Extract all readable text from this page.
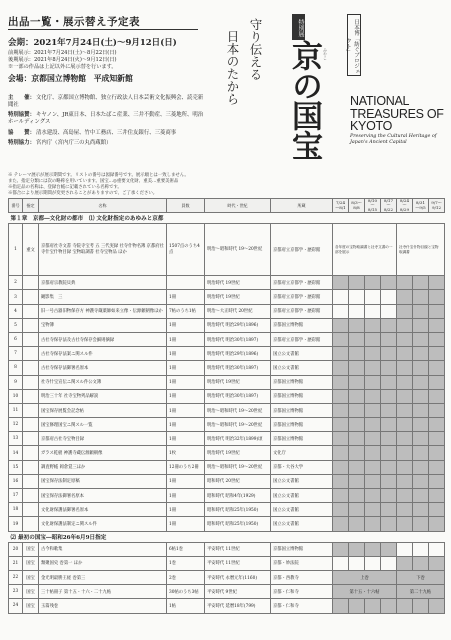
出品一覧・展示替え予定表
会期：2021年7月24日(土)～9月12日(日)
前期展示：2021年7月24日(土)～8月22日(日)
後期展示：2021年8月24日(火)～9月12日(日)
※一部の作品は上記以外に展示替を行います。
会場：京都国立博物館　平成知新館
主　　催：文化庁、京都国立博物館、独立行政法人日本芸術文化振興会、読売新聞社
特別協賛：キヤノン、JR東日本、日本たばこ産業、三井不動産、三菱地所、明治ホールディングス
協　　賛：清水建設、高島屋、竹中工務店、三井住友銀行、三菱商事
特別協力：宮内庁（宮内庁三の丸尚蔵館）
※ テレーマ展示が展示期間です。リストの番号は図録番号です。展示順とは一致しません。
また、指定分類には次の略称を用いています。国宝…◎重要文化財、重美…重要美術品
※指定品の名称は、登録台帳に記載されている名称です。
※都合により展示期間が変更されることがありますので、ご了承ください。
特別展
京の国宝 みやこ
守り伝える
日本のたから	日本博「紡ぐプロジェクト」
NATIONAL TREASURES OF KYOTO
Preserving the Cultural Heritage of Japan's Ancient Capital
番号	指定	名称	員数	時代・世紀	所蔵	7/24～8/1	8/3～8/8	8/10～8/15	8/17～8/22	8/24～8/29	8/31～9/5	9/7～9/12
第１章　京都―文化財の都市　⑴ 文化財指定のあゆみと京都												
1	重文	京都府社寺文書 寺院寺宝考 五 三代実録 社寺什物名簿 京都府社寺什宝什物目録 宝物取調書 社寺宝物品 ほか	1507点のうち4点	明治～昭和時代 19～20世紀	京都府立京都学・歴彩館	各年度の宝物取調書と社寺文書の一部を展示				社寺什宝什物目録と宝物取調書		
2		京都府宗教院貝典		明治時代 19世紀	京都府立京都学・歴彩館							
3		観影集　三	1冊	明治時代 19世紀	京都府立京都学・歴彩館							
4		旧一号古器旧物保存方 神護寺蔵薬師如来立像・伝源頼朝像ほか	7帖のうち1帖	明治～大正時代 20世紀	京都府立京都学・歴彩館							
5		宝物簿	1冊	明治時代 明治29年(1896)	京都国立博物館							
6		古社寺保存法及古社寺保存会細則摘録	1冊	明治時代 明治30年(1897)	京都府立京都学・歴彩館							
7		古社寺保存法案ニ関スル件	1冊	明治時代 明治29年(1896)	国立公文書館							
8		古社寺保存法御署名原本	1冊	明治時代 明治30年(1897)	国立公文書館							
9		社寺什宝宣伝ニ関スル件公文簿	1冊	明治時代 19世紀	京都国立博物館							
10		明治三十年 社寺宝物列品解説	1冊	明治時代 明治30年(1897)	京都国立博物館							
11		国宝保存展覧会記念帖	1冊	明治～昭和時代 19～20世紀	京都国立博物館							
12		国宝修理国宝ニ関スル一覧	1冊	明治～昭和時代 19～20世紀	京都国立博物館							
13		京都府古社寺宝物目録	1冊	明治時代 明治32年(1899)頃	京都国立博物館							
14		ガラス乾板 神護寺蔵伝源頼朝像	1枚	明治時代 19世紀	文化庁							
15		調査野帳 岡倉覚三ほか	12冊のうち2冊	明治～昭和時代 19～20世紀	京都・大谷大学							
16		国宝保存法制定原稿	1冊	昭和時代 20世紀	国立公文書館							
17		国宝保存法御署名原本	1冊	昭和時代 昭和4年(1929)	国立公文書館							
18		文化財保護法御署名原本	1冊	昭和時代 昭和25年(1950)	国立公文書館							
19		文化財保護法制定ニ関スル件	1冊	昭和時代 昭和25年(1950)	国立公文書館							
⑵ 最初の国宝―昭和26年6月9日指定												
20	国宝	古今和歌集	6帖1巻	平安時代 11世紀	京都国立博物館							
21	国宝	類聚国史 巻第一 ほか	1巻	平安時代 11世紀	京都・妙法院							
22	国宝	金光明最勝王経 巻第三	2巻	平安時代 永暦元年(1160)	京都・西教寺	上巻				下巻		
23	国宝	三十帖冊子 第十五・十六・二十九帖	30帖のうち3帖	平安時代 9世紀	京都・仁和寺	第十五・十六帖				第二十九帖		
24	国宝	玉篇残巻	1帖	平安時代 延暦18年(799)	京都・仁和寺							
